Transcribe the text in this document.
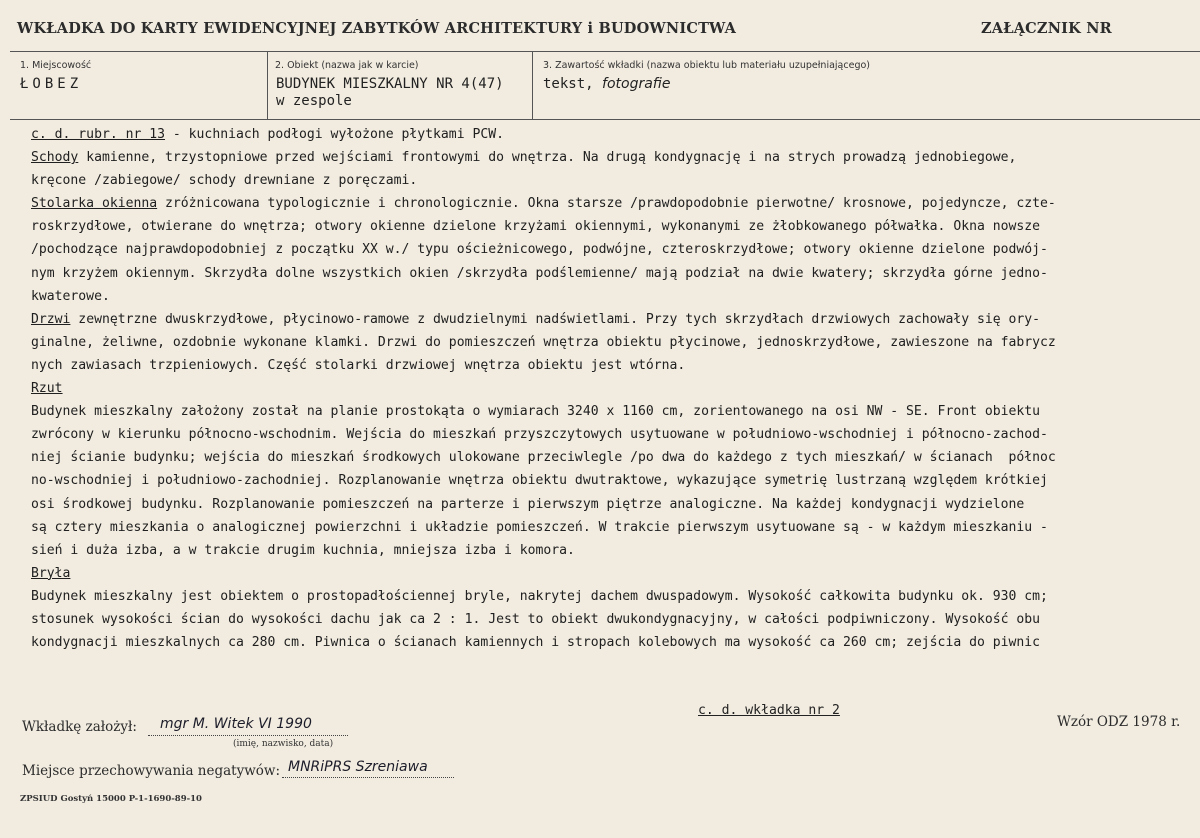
WKŁADKA DO KARTY EWIDENCYJNEJ ZABYTKÓW ARCHITEKTURY i BUDOWNICTWA	ZAŁĄCZNIK NR
1. Miejscowość
ŁOBEZ
2. Obiekt (nazwa jak w karcie)
BUDYNEK MIESZKALNY NR 4(47)
w zespole
3. Zawartość wkładki (nazwa obiektu lub materiału uzupełniającego)
tekst, fotografie
c. d. rubr. nr 13 - kuchniach podłogi wyłożone płytkami PCW.
Schody kamienne, trzystopniowe przed wejściami frontowymi do wnętrza. Na drugą kondygnację i na strych prowadzą jednobiegowe,
kręcone /zabiegowe/ schody drewniane z poręczami.
Stolarka okienna zróżnicowana typologicznie i chronologicznie. Okna starsze /prawdopodobnie pierwotne/ krosnowe, pojedyncze, czte-
roskrzydłowe, otwierane do wnętrza; otwory okienne dzielone krzyżami okiennymi, wykonanymi ze żłobkowanego półwałka. Okna nowsze
/pochodzące najprawdopodobniej z początku XX w./ typu ościeżnicowego, podwójne, czteroskrzydłowe; otwory okienne dzielone podwój-
nym krzyżem okiennym. Skrzydła dolne wszystkich okien /skrzydła podślemienne/ mają podział na dwie kwatery; skrzydła górne jedno-
kwaterowe.
Drzwi zewnętrzne dwuskrzydłowe, płycinowo-ramowe z dwudzielnymi nadświetlami. Przy tych skrzydłach drzwiowych zachowały się ory-
ginalne, żeliwne, ozdobnie wykonane klamki. Drzwi do pomieszczeń wnętrza obiektu płycinowe, jednoskrzydłowe, zawieszone na fabrycz
nych zawiasach trzpieniowych. Część stolarki drzwiowej wnętrza obiektu jest wtórna.
Rzut
Budynek mieszkalny założony został na planie prostokąta o wymiarach 3240 x 1160 cm, zorientowanego na osi NW - SE. Front obiektu
zwrócony w kierunku północno-wschodnim. Wejścia do mieszkań przyszczytowych usytuowane w południowo-wschodniej i północno-zachod-
niej ścianie budynku; wejścia do mieszkań środkowych ulokowane przeciwlegle /po dwa do każdego z tych mieszkań/ w ścianach  północ
no-wschodniej i południowo-zachodniej. Rozplanowanie wnętrza obiektu dwutraktowe, wykazujące symetrię lustrzaną względem krótkiej
osi środkowej budynku. Rozplanowanie pomieszczeń na parterze i pierwszym piętrze analogiczne. Na każdej kondygnacji wydzielone
są cztery mieszkania o analogicznej powierzchni i układzie pomieszczeń. W trakcie pierwszym usytuowane są - w każdym mieszkaniu -
sień i duża izba, a w trakcie drugim kuchnia, mniejsza izba i komora.
Bryła
Budynek mieszkalny jest obiektem o prostopadłościennej bryle, nakrytej dachem dwuspadowym. Wysokość całkowita budynku ok. 930 cm;
stosunek wysokości ścian do wysokości dachu jak ca 2 : 1. Jest to obiekt dwukondygnacyjny, w całości podpiwniczony. Wysokość obu
kondygnacji mieszkalnych ca 280 cm. Piwnica o ścianach kamiennych i stropach kolebowych ma wysokość ca 260 cm; zejścia do piwnic
c. d. wkładka nr 2
Wkładkę założył: mgr M. Witek VI 1990
(imię, nazwisko, data)
Wzór ODZ 1978 r.
Miejsce przechowywania negatywów: MNRiPRS Szreniawa
ZPSIUD Gostyń 15000 P-1-1690-89-10
